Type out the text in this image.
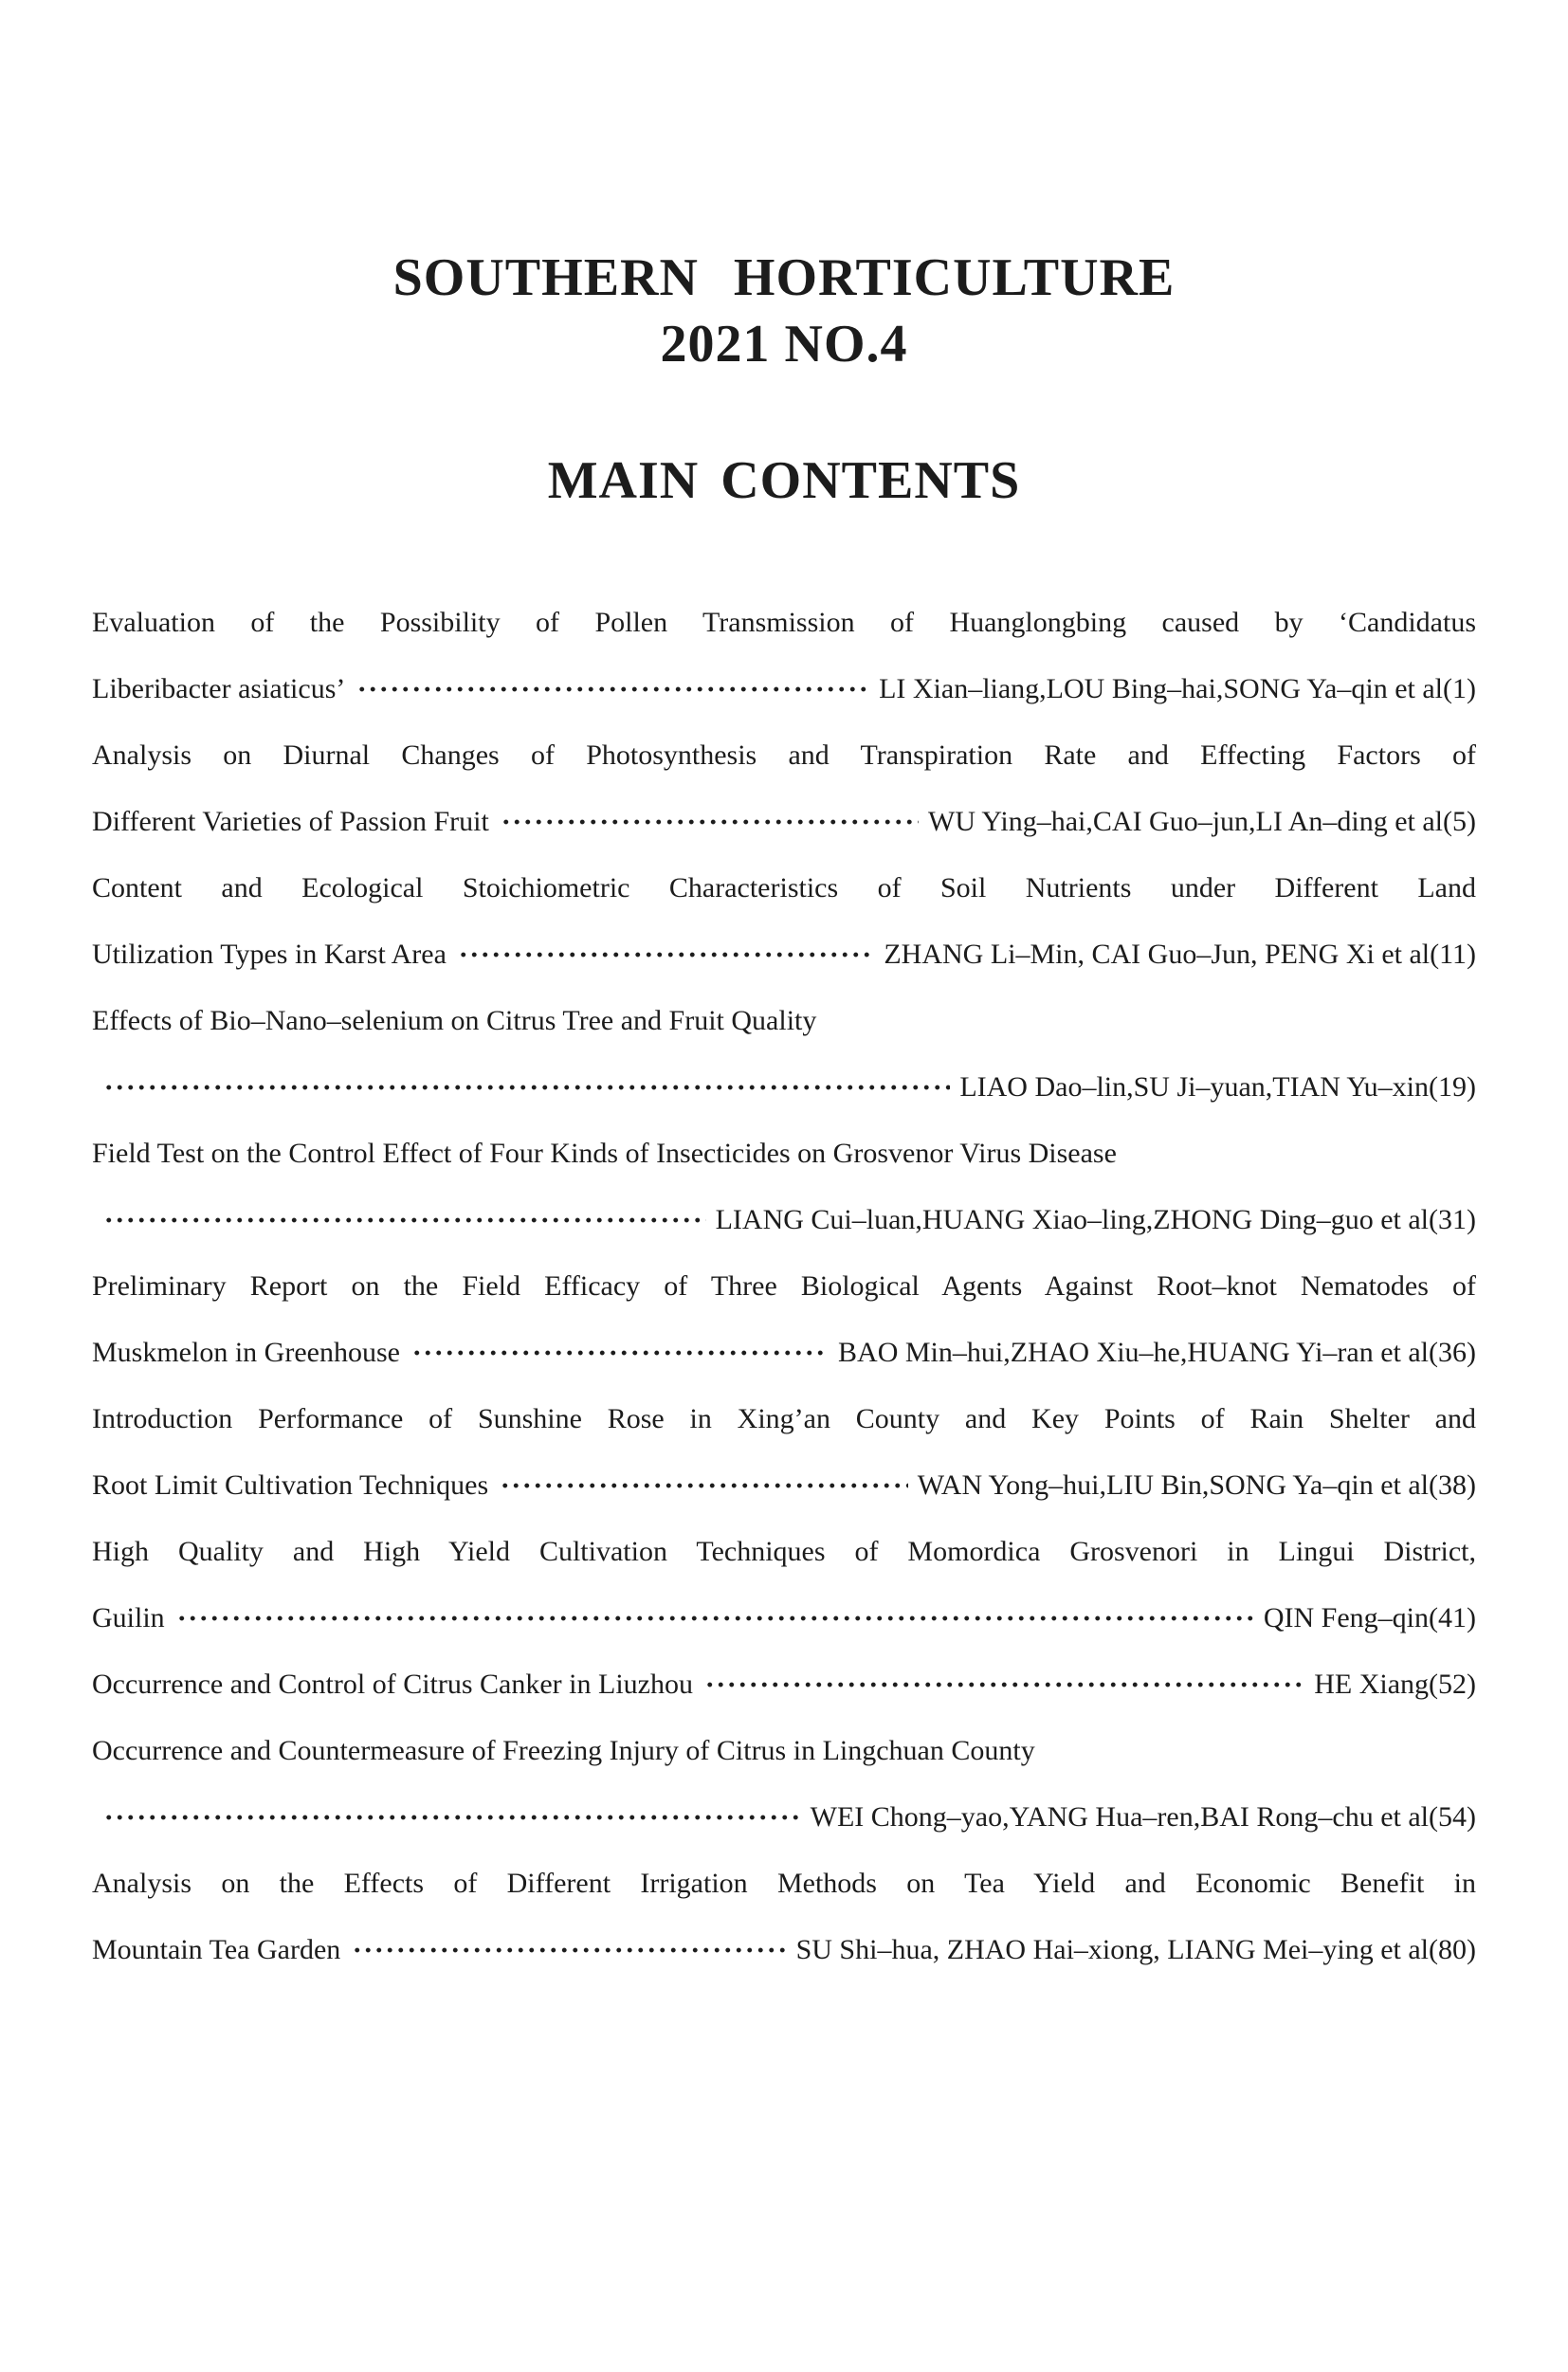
SOUTHERN HORTICULTURE
2021 NO.4
MAIN CONTENTS
Evaluation of the Possibility of Pollen Transmission of Huanglongbing caused by ‘Candidatus
Liberibacter asiaticus’	LI Xian–liang,LOU Bing–hai,SONG Ya–qin et al(1)
Analysis on Diurnal Changes of Photosynthesis and Transpiration Rate and Effecting Factors of
Different Varieties of Passion Fruit	WU Ying–hai,CAI Guo–jun,LI An–ding et al(5)
Content and Ecological Stoichiometric Characteristics of Soil Nutrients under Different Land
Utilization Types in Karst Area	ZHANG Li–Min, CAI Guo–Jun, PENG Xi et al(11)
Effects of Bio–Nano–selenium on Citrus Tree and Fruit Quality
LIAO Dao–lin,SU Ji–yuan,TIAN Yu–xin(19)
Field Test on the Control Effect of Four Kinds of Insecticides on Grosvenor Virus Disease
LIANG Cui–luan,HUANG Xiao–ling,ZHONG Ding–guo et al(31)
Preliminary Report on the Field Efficacy of Three Biological Agents Against Root–knot Nematodes of
Muskmelon in Greenhouse	BAO Min–hui,ZHAO Xiu–he,HUANG Yi–ran et al(36)
Introduction Performance of Sunshine Rose in Xing’an County and Key Points of Rain Shelter and
Root Limit Cultivation Techniques	WAN Yong–hui,LIU Bin,SONG Ya–qin et al(38)
High Quality and High Yield Cultivation Techniques of Momordica Grosvenori in Lingui District,
Guilin	QIN Feng–qin(41)
Occurrence and Control of Citrus Canker in Liuzhou	HE Xiang(52)
Occurrence and Countermeasure of Freezing Injury of Citrus in Lingchuan County
WEI Chong–yao,YANG Hua–ren,BAI Rong–chu et al(54)
Analysis on the Effects of Different Irrigation Methods on Tea Yield and Economic Benefit in
Mountain Tea Garden	SU Shi–hua, ZHAO Hai–xiong, LIANG Mei–ying et al(80)
